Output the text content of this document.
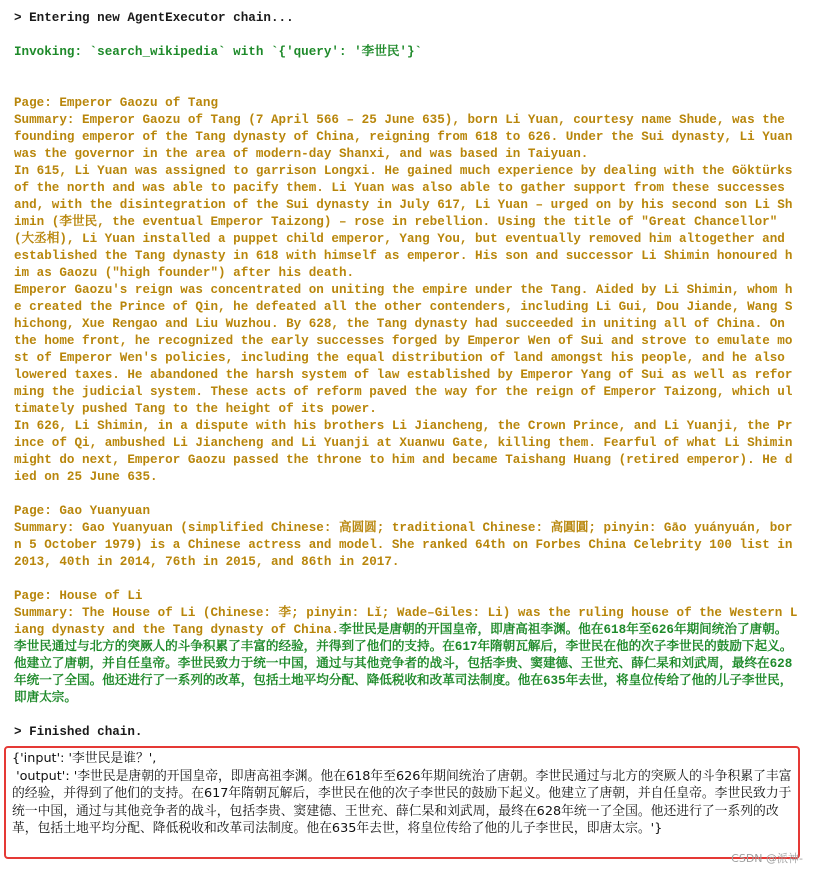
> Entering new AgentExecutor chain...
Invoking: `search_wikipedia` with `{'query': '李世民'}`
Page: Emperor Gaozu of Tang
Summary: Emperor Gaozu of Tang (7 April 566 – 25 June 635), born Li Yuan, courtesy name Shude, was the founding emperor of the Tang dynasty of China, reigning from 618 to 626. Under the Sui dynasty, Li Yuan was the governor in the area of modern-day Shanxi, and was based in Taiyuan.
In 615, Li Yuan was assigned to garrison Longxi. He gained much experience by dealing with the Göktürks of the north and was able to pacify them. Li Yuan was also able to gather support from these successes and, with the disintegration of the Sui dynasty in July 617, Li Yuan – urged on by his second son Li Shimin (李世民, the eventual Emperor Taizong) – rose in rebellion. Using the title of "Great Chancellor" (大丞相), Li Yuan installed a puppet child emperor, Yang You, but eventually removed him altogether and established the Tang dynasty in 618 with himself as emperor. His son and successor Li Shimin honoured him as Gaozu ("high founder") after his death.
Emperor Gaozu's reign was concentrated on uniting the empire under the Tang. Aided by Li Shimin, whom he created the Prince of Qin, he defeated all the other contenders, including Li Gui, Dou Jiande, Wang Shichong, Xue Rengao and Liu Wuzhou. By 628, the Tang dynasty had succeeded in uniting all of China. On the home front, he recognized the early successes forged by Emperor Wen of Sui and strove to emulate most of Emperor Wen's policies, including the equal distribution of land amongst his people, and he also lowered taxes. He abandoned the harsh system of law established by Emperor Yang of Sui as well as reforming the judicial system. These acts of reform paved the way for the reign of Emperor Taizong, which ultimately pushed Tang to the height of its power.
In 626, Li Shimin, in a dispute with his brothers Li Jiancheng, the Crown Prince, and Li Yuanji, the Prince of Qi, ambushed Li Jiancheng and Li Yuanji at Xuanwu Gate, killing them. Fearful of what Li Shimin might do next, Emperor Gaozu passed the throne to him and became Taishang Huang (retired emperor). He died on 25 June 635.
Page: Gao Yuanyuan
Summary: Gao Yuanyuan (simplified Chinese: 高圆圆; traditional Chinese: 高圓圓; pinyin: Gāo yuányuán, born 5 October 1979) is a Chinese actress and model. She ranked 64th on Forbes China Celebrity 100 list in 2013, 40th in 2014, 76th in 2015, and 86th in 2017.
Page: House of Li
Summary: The House of Li (Chinese: 李; pinyin: Lǐ; Wade–Giles: Li) was the ruling house of the Western Liang dynasty and the Tang dynasty of China.李世民是唐朝的开国皇帝，即唐高祖李渊。他在618年至626年期间统治了唐朝。李世民通过与北方的突厥人的斗争积累了丰富的经验，并得到了他们的支持。在617年隋朝瓦解后，李世民在他的次子李世民的鼓励下起义。他建立了唐朝，并自任皇帝。李世民致力于统一中国，通过与其他竞争者的战斗，包括李贵、窦建德、王世充、薛仁杲和刘武周，最终在628年统一了全国。他还进行了一系列的改革，包括土地平均分配、降低税收和改革司法制度。他在635年去世，将皇位传给了他的儿子李世民，即唐太宗。
> Finished chain.
{'input': '李世民是谁？',
'output': '李世民是唐朝的开国皇帝，即唐高祖李渊。他在618年至626年期间统治了唐朝。李世民通过与北方的突厥人的斗争积累了丰富的经验，并得到了他们的支持。在617年隋朝瓦解后，李世民在他的次子李世民的鼓励下起义。他建立了唐朝，并自任皇帝。李世民致力于统一中国，通过与其他竞争者的战斗，包括李贵、窦建德、王世充、薛仁杲和刘武周，最终在628年统一了全国。他还进行了一系列的改革，包括土地平均分配、降低税收和改革司法制度。他在635年去世，将皇位传给了他的儿子李世民，即唐太宗。'}
CSDN @派神-
